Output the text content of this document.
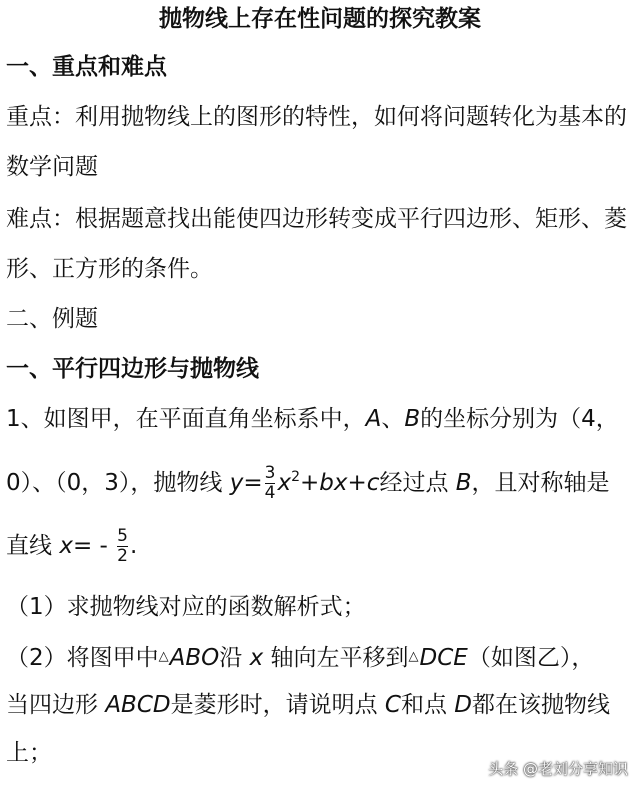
抛物线上存在性问题的探究教案
一、重点和难点
重点：利用抛物线上的图形的特性，如何将问题转化为基本的
数学问题
难点：根据题意找出能使四边形转变成平行四边形、矩形、菱
形、正方形的条件。
二、例题
一、平行四边形与抛物线
1、如图甲，在平面直角坐标系中，A、B的坐标分别为（4，
0）、（0，3），抛物线 $y= \frac{3}{4} x^2+bx+c$经过点 B，且对称轴是
直线 $x= - \frac{5}{2}$ .
（1）求抛物线对应的函数解析式；
（2）将图甲中△ABO沿 x 轴向左平移到△DCE（如图乙），
当四边形 ABCD是菱形时，请说明点 C和点 D都在该抛物线
上；
头条 @老刘分享知识
